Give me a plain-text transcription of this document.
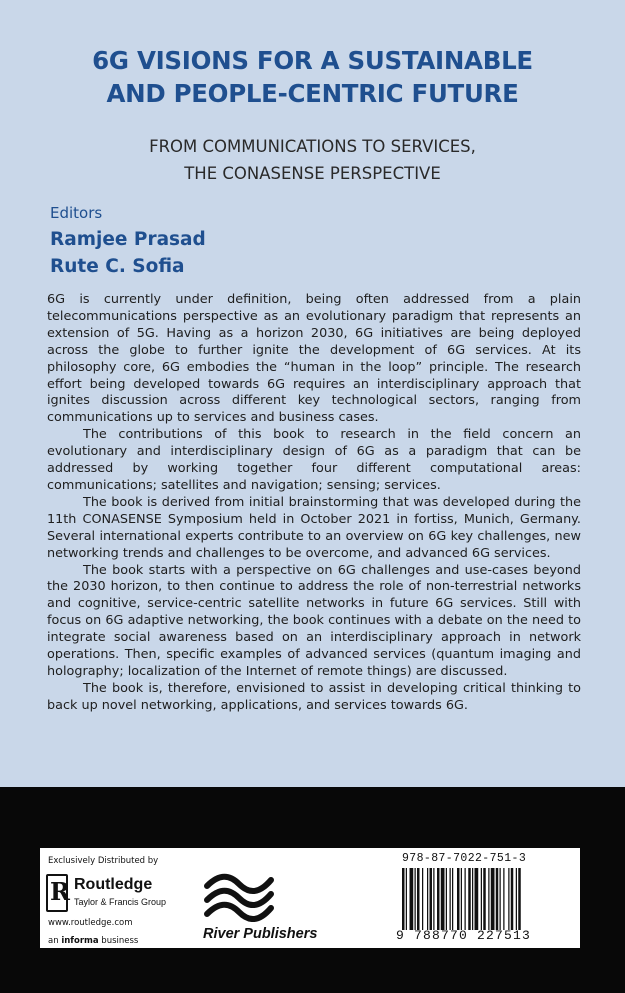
6G VISIONS FOR A SUSTAINABLE
AND PEOPLE-CENTRIC FUTURE
FROM COMMUNICATIONS TO SERVICES,
THE CONASENSE PERSPECTIVE
Editors
Ramjee Prasad
Rute C. Sofia

6G is currently under definition, being often addressed from a plain telecommunications perspective as an evolutionary paradigm that represents an extension of 5G. Having as a horizon 2030, 6G initiatives are being deployed across the globe to further ignite the development of 6G services. At its philosophy core, 6G embodies the “human in the loop” principle. The research effort being developed towards 6G requires an interdisciplinary approach that ignites discussion across different key technological sectors, ranging from communications up to services and business cases.

The contributions of this book to research in the field concern an evolutionary and interdisciplinary design of 6G as a paradigm that can be addressed by working together four different computational areas: communications; satellites and navigation; sensing; services.

The book is derived from initial brainstorming that was developed during the 11th CONASENSE Symposium held in October 2021 in fortiss, Munich, Germany. Several international experts contribute to an overview on 6G key challenges, new networking trends and challenges to be overcome, and advanced 6G services.

The book starts with a perspective on 6G challenges and use-cases beyond the 2030 horizon, to then continue to address the role of non-terrestrial networks and cognitive, service-centric satellite networks in future 6G services. Still with focus on 6G adaptive networking, the book continues with a debate on the need to integrate social awareness based on an interdisciplinary approach in network operations. Then, specific examples of advanced services (quantum imaging and holography; localization of the Internet of remote things) are discussed.

The book is, therefore, envisioned to assist in developing critical thinking to back up novel networking, applications, and services towards 6G.

Exclusively Distributed by
R Routledge
Taylor & Francis Group
www.routledge.com
an informa business	River Publishers
978-87-7022-751-3
9 788770 227513
